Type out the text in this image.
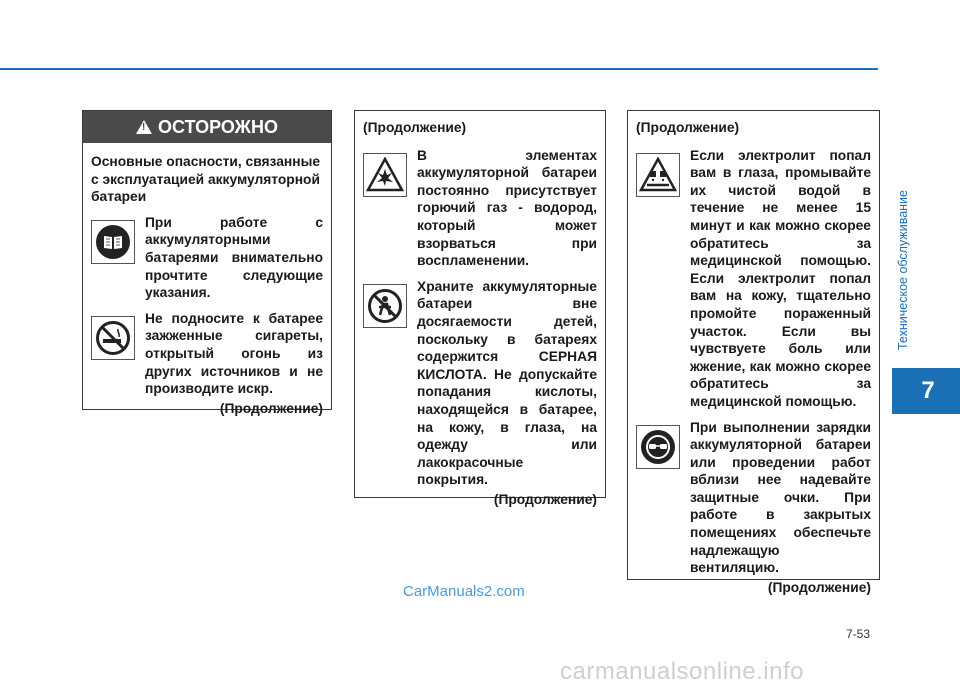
Техническое обслуживание
7
!
ОСТОРОЖНО
Основные опасности, связанные с эксплуатацией аккумуляторной батареи
При работе с аккумуляторными батареями внимательно прочтите следующие указания.
Не подносите к батарее зажженные сигареты, открытый огонь из других источников и не производите искр.
(Продолжение)
(Продолжение)
В элементах аккумуляторной батареи постоянно присутствует горючий газ - водород, который может взорваться при воспламенении.
Храните аккумуляторные батареи вне досягаемости детей, поскольку в батареях содержится СЕРНАЯ КИСЛОТА. Не допускайте попадания кислоты, находящейся в батарее, на кожу, в глаза, на одежду или лакокрасочные покрытия.
(Продолжение)
(Продолжение)
Если электролит попал вам в глаза, промывайте их чистой водой в течение не менее 15 минут и как можно скорее обратитесь за медицинской помощью. Если электролит попал вам на кожу, тщательно промойте пораженный участок. Если вы чувствуете боль или жжение, как можно скорее обратитесь за медицинской помощью.
При выполнении зарядки аккумуляторной батареи или проведении работ вблизи нее надевайте защитные очки. При работе в закрытых помещениях обеспечьте надлежащую вентиляцию.
(Продолжение)
CarManuals2.com
7-53
carmanualsonline.info
